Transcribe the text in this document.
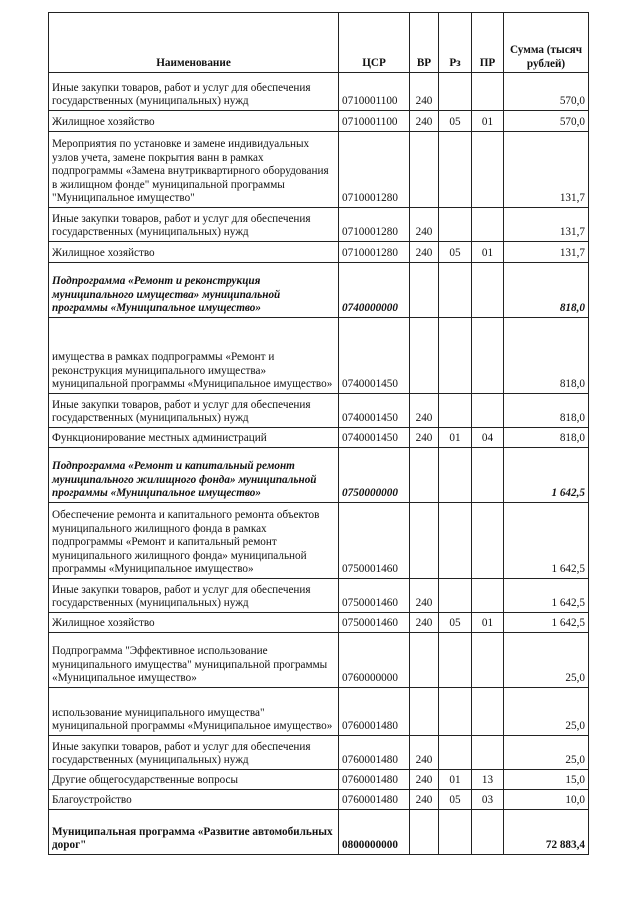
Наименование	ЦСР	ВР	Рз	ПР	Сумма (тысяч рублей)
Иные закупки товаров, работ и услуг для обеспечения государственных (муниципальных) нужд	0710001100	240			570,0
Жилищное хозяйство	0710001100	240	05	01	570,0
Мероприятия по установке и замене индивидуальных узлов учета, замене покрытия ванн в рамках подпрограммы «Замена внутриквартирного оборудования в жилищном фонде" муниципальной программы "Муниципальное имущество"	0710001280				131,7
Иные закупки товаров, работ и услуг для обеспечения государственных (муниципальных) нужд	0710001280	240			131,7
Жилищное хозяйство	0710001280	240	05	01	131,7
Подпрограмма «Ремонт и реконструкция муниципального имущества» муниципальной программы «Муниципальное имущество»	0740000000				818,0
имущества в рамках подпрограммы «Ремонт и реконструкция муниципального имущества» муниципальной программы «Муниципальное имущество»	0740001450				818,0
Иные закупки товаров, работ и услуг для обеспечения государственных (муниципальных) нужд	0740001450	240			818,0
Функционирование местных администраций	0740001450	240	01	04	818,0
Подпрограмма «Ремонт и капитальный ремонт муниципального жилищного фонда» муниципальной программы «Муниципальное имущество»	0750000000				1 642,5
Обеспечение ремонта и капитального ремонта объектов муниципального жилищного фонда в рамках подпрограммы «Ремонт и капитальный ремонт муниципального жилищного фонда» муниципальной программы «Муниципальное имущество»	0750001460				1 642,5
Иные закупки товаров, работ и услуг для обеспечения государственных (муниципальных) нужд	0750001460	240			1 642,5
Жилищное хозяйство	0750001460	240	05	01	1 642,5
Подпрограмма "Эффективное использование муниципального имущества" муниципальной программы «Муниципальное имущество»	0760000000				25,0
использование муниципального имущества" муниципальной программы «Муниципальное имущество»	0760001480				25,0
Иные закупки товаров, работ и услуг для обеспечения государственных (муниципальных) нужд	0760001480	240			25,0
Другие общегосударственные вопросы	0760001480	240	01	13	15,0
Благоустройство	0760001480	240	05	03	10,0
Муниципальная программа «Развитие автомобильных дорог"	0800000000				72 883,4
